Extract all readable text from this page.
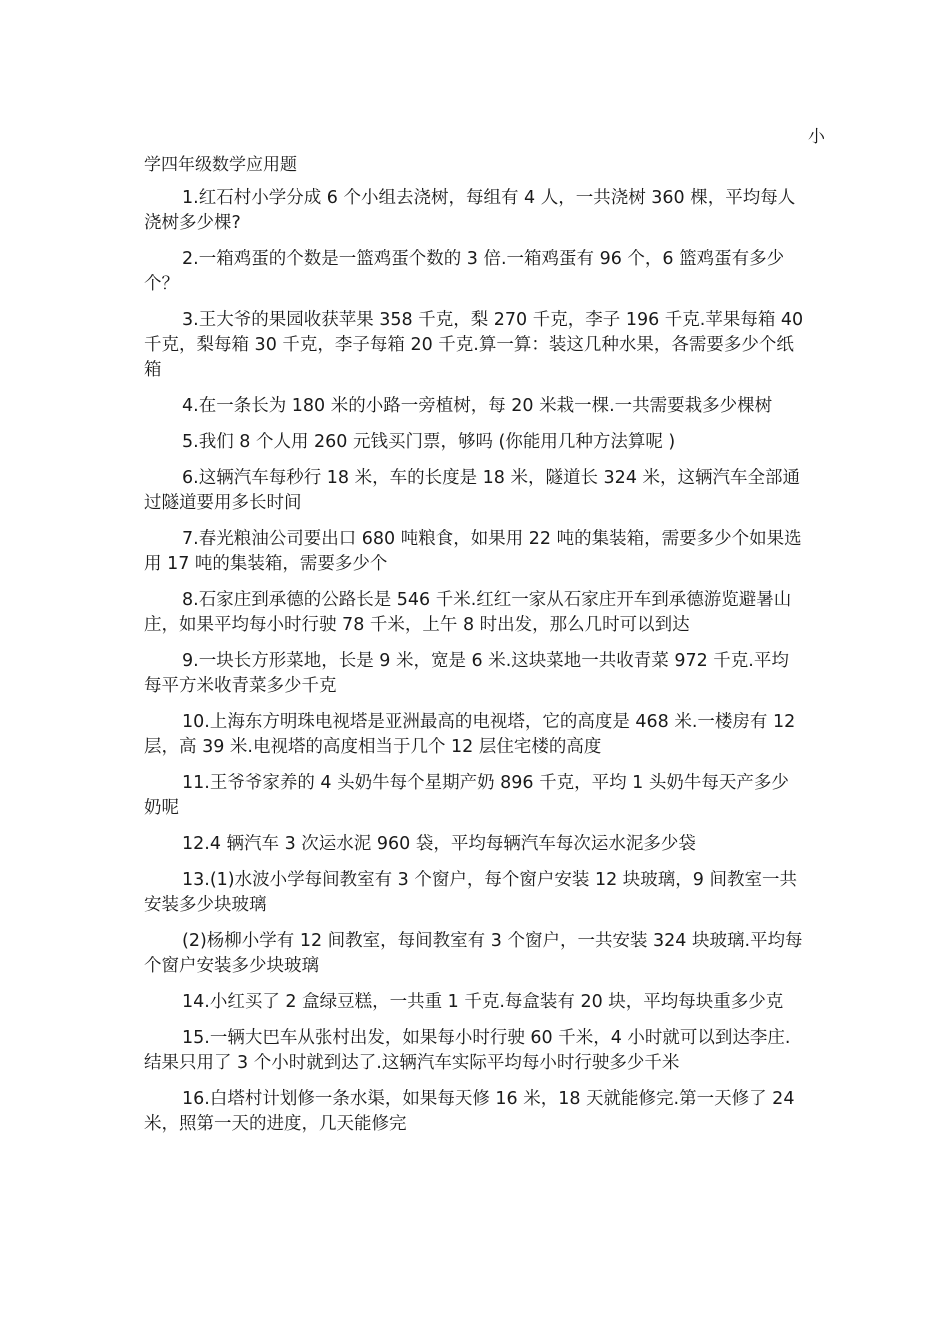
小
学四年级数学应用题

1.红石村小学分成 6 个小组去浇树，每组有 4 人，一共浇树 360 棵，平均每人浇树多少棵?

2.一箱鸡蛋的个数是一篮鸡蛋个数的 3 倍.一箱鸡蛋有 96 个，6 篮鸡蛋有多少个？

3.王大爷的果园收获苹果 358 千克，梨 270 千克，李子 196 千克.苹果每箱 40 千克，梨每箱 30 千克，李子每箱 20 千克.算一算：装这几种水果，各需要多少个纸箱

4.在一条长为 180 米的小路一旁植树，每 20 米栽一棵.一共需要栽多少棵树

5.我们 8 个人用 260 元钱买门票，够吗 (你能用几种方法算呢 )

6.这辆汽车每秒行 18 米，车的长度是 18 米，隧道长 324 米，这辆汽车全部通过隧道要用多长时间

7.春光粮油公司要出口 680 吨粮食，如果用 22 吨的集装箱，需要多少个如果选用 17 吨的集装箱，需要多少个

8.石家庄到承德的公路长是 546 千米.红红一家从石家庄开车到承德游览避暑山庄，如果平均每小时行驶 78 千米，上午 8 时出发，那么几时可以到达

9.一块长方形菜地，长是 9 米，宽是 6 米.这块菜地一共收青菜 972 千克.平均每平方米收青菜多少千克

10.上海东方明珠电视塔是亚洲最高的电视塔，它的高度是 468 米.一楼房有 12 层，高 39 米.电视塔的高度相当于几个 12 层住宅楼的高度

11.王爷爷家养的 4 头奶牛每个星期产奶 896 千克，平均 1 头奶牛每天产多少奶呢

12.4 辆汽车 3 次运水泥 960 袋，平均每辆汽车每次运水泥多少袋

13.(1)水波小学每间教室有 3 个窗户，每个窗户安装 12 块玻璃，9 间教室一共安装多少块玻璃

(2)杨柳小学有 12 间教室，每间教室有 3 个窗户，一共安装 324 块玻璃.平均每个窗户安装多少块玻璃

14.小红买了 2 盒绿豆糕，一共重 1 千克.每盒装有 20 块，平均每块重多少克

15.一辆大巴车从张村出发，如果每小时行驶 60 千米，4 小时就可以到达李庄.结果只用了 3 个小时就到达了.这辆汽车实际平均每小时行驶多少千米

16.白塔村计划修一条水渠，如果每天修 16 米，18 天就能修完.第一天修了 24 米，照第一天的进度，几天能修完
